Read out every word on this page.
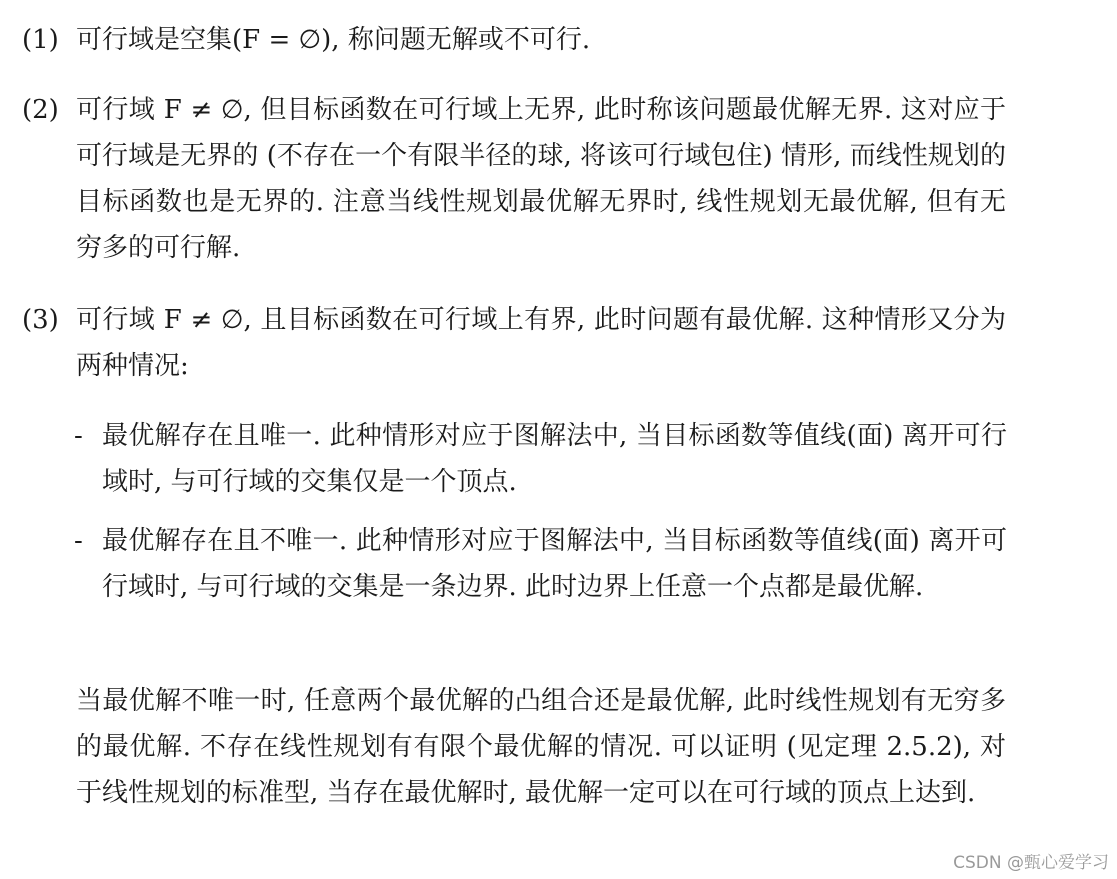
(1) 可行域是空集(F = ∅), 称问题无解或不可行.
(2) 可行域 F ≠ ∅, 但目标函数在可行域上无界, 此时称该问题最优解无界. 这对应于可行域是无界的 (不存在一个有限半径的球, 将该可行域包住) 情形, 而线性规划的目标函数也是无界的. 注意当线性规划最优解无界时, 线性规划无最优解, 但有无穷多的可行解.
(3) 可行域 F ≠ ∅, 且目标函数在可行域上有界, 此时问题有最优解. 这种情形又分为两种情况:
- 最优解存在且唯一. 此种情形对应于图解法中, 当目标函数等值线(面) 离开可行域时, 与可行域的交集仅是一个顶点.
- 最优解存在且不唯一. 此种情形对应于图解法中, 当目标函数等值线(面) 离开可行域时, 与可行域的交集是一条边界. 此时边界上任意一个点都是最优解.
当最优解不唯一时, 任意两个最优解的凸组合还是最优解, 此时线性规划有无穷多的最优解. 不存在线性规划有有限个最优解的情况. 可以证明 (见定理 2.5.2), 对于线性规划的标准型, 当存在最优解时, 最优解一定可以在可行域的顶点上达到.
CSDN @甄心爱学习
